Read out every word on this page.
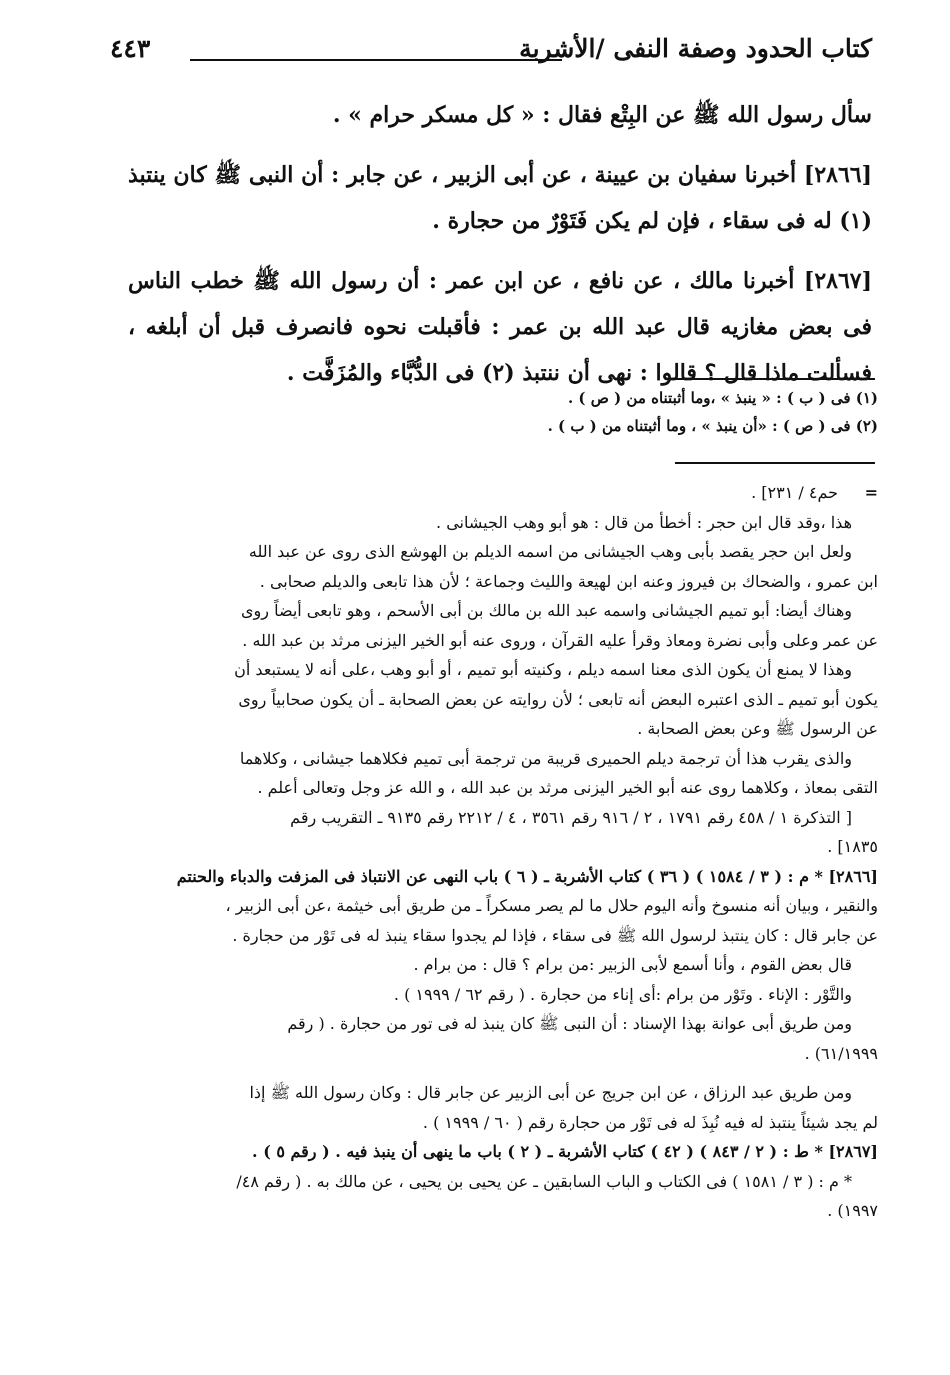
كتاب الحدود وصفة النفى /الأشربة
٤٤٣

سأل رسول الله ﷺ عن البِتْع فقال : « كل مسكر حرام » .

[٢٨٦٦] أخبرنا سفيان بن عيينة ، عن أبى الزبير ، عن جابر : أن النبى ﷺ كان ينتبذ (١) له فى سقاء ، فإن لم يكن فَتَوْرٌ من حجارة .

[٢٨٦٧] أخبرنا مالك ، عن نافع ، عن ابن عمر : أن رسول الله ﷺ خطب الناس فى بعض مغازيه قال عبد الله بن عمر : فأقبلت نحوه فانصرف قبل أن أبلغه ، فسألت ماذا قال ؟ قالوا : نهى أن ننتبذ (٢) فى الدُّبَّاء والمُزَفَّت .

(١) فى ( ب ) : « ينبذ » ،وما أثبتناه من ( ص ) .
(٢) فى ( ص ) : «أن ينبذ » ، وما أثبتناه من ( ب ) .
=حم٤ / ٢٣١] .
هذا ،وقد قال ابن حجر : أخطأ من قال : هو أبو وهب الجيشانى .
ولعل ابن حجر يقصد بأبى وهب الجيشانى من اسمه الديلم بن الهوشع الذى روى عن عبد الله
ابن عمرو ، والضحاك بن فيروز وعنه ابن لهيعة والليث وجماعة ؛ لأن هذا تابعى والديلم صحابى .
وهناك أيضا: أبو تميم الجيشانى واسمه عبد الله بن مالك بن أبى الأسحم ، وهو تابعى أيضاً روى
عن عمر وعلى وأبى نضرة ومعاذ وقرأ عليه القرآن ، وروى عنه أبو الخير اليزنى مرثد بن عبد الله .
وهذا لا يمنع أن يكون الذى معنا اسمه ديلم ، وكنيته أبو تميم ، أو أبو وهب ،على أنه لا يستبعد أن
يكون أبو تميم ـ الذى اعتبره البعض أنه تابعى ؛ لأن روايته عن بعض الصحابة ـ أن يكون صحابياً روى
عن الرسول ﷺ وعن بعض الصحابة .
والذى يقرب هذا أن ترجمة ديلم الحميرى قريبة من ترجمة أبى تميم فكلاهما جيشانى ، وكلاهما
التقى بمعاذ ، وكلاهما روى عنه أبو الخير اليزنى مرثد بن عبد الله ، و الله عز وجل وتعالى أعلم .
[ التذكرة ١ / ٤٥٨ رقم ١٧٩١ ، ٢ / ٩١٦ رقم ٣٥٦١ ، ٤ / ٢٢١٢ رقم ٩١٣٥ ـ التقريب رقم
١٨٣٥] .
[٢٨٦٦] * م : ( ٣ / ١٥٨٤ ) ( ٣٦ ) كتاب الأشربة ـ ( ٦ ) باب النهى عن الانتباذ فى المزفت والدباء والحنتم
والنقير ، وبيان أنه منسوخ وأنه اليوم حلال ما لم يصر مسكراً ـ من طريق أبى خيثمة ،عن أبى الزبير ،
عن جابر قال : كان ينتبذ لرسول الله ﷺ فى سقاء ، فإذا لم يجدوا سقاء ينبذ له فى تَوْر من حجارة .
قال بعض القوم ، وأنا أسمع لأبى الزبير :من برام ؟ قال : من برام .
والتَّوْر : الإناء . وتَوْر من برام :أى إناء من حجارة . ( رقم ٦٢ / ١٩٩٩ ) .
ومن طريق أبى عوانة بهذا الإسناد : أن النبى ﷺ كان ينبذ له فى تور من حجارة . ( رقم
٦١/١٩٩٩) .
ومن طريق عبد الرزاق ، عن ابن جريج عن أبى الزبير عن جابر قال : وكان رسول الله ﷺ إذا
لم يجد شيئاً ينتبذ له فيه نُبِذَ له فى تَوْر من حجارة رقم ( ٦٠ / ١٩٩٩ ) .
[٢٨٦٧] * ط : ( ٢ / ٨٤٣ ) ( ٤٢ ) كتاب الأشربة ـ ( ٢ ) باب ما ينهى أن ينبذ فيه . ( رقم ٥ ) .
* م : ( ٣ / ١٥٨١ ) فى الكتاب و الباب السابقين ـ عن يحيى بن يحيى ، عن مالك به . ( رقم ٤٨/
١٩٩٧) .
